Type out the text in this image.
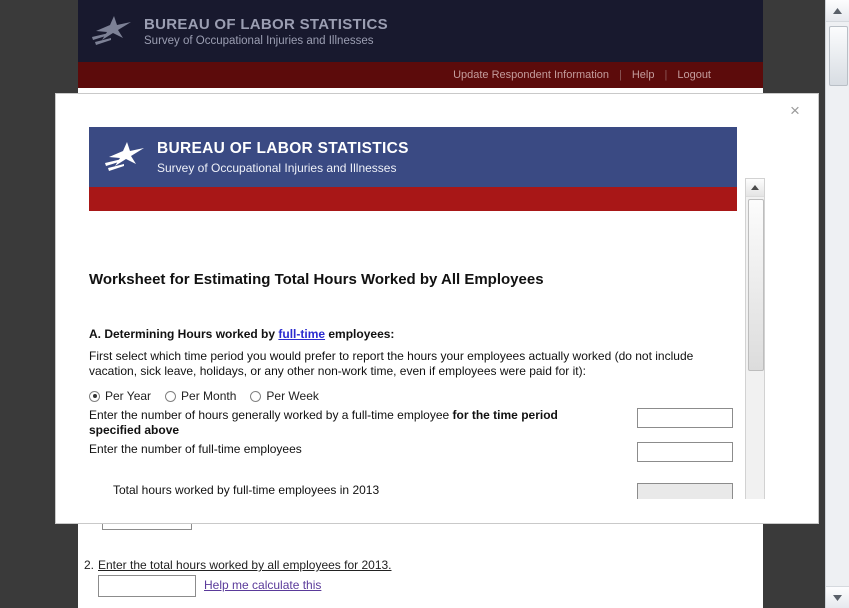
BUREAU OF LABOR STATISTICS
Survey of Occupational Injuries and Illnesses
Update Respondent Information | Help | Logout
2. Enter the total hours worked by all employees for 2013.
Help me calculate this
×
BUREAU OF LABOR STATISTICS
Survey of Occupational Injuries and Illnesses
Worksheet for Estimating Total Hours Worked by All Employees
A. Determining Hours worked by full-time employees:
First select which time period you would prefer to report the hours your employees actually worked (do not include vacation, sick leave, holidays, or any other non-work time, even if employees were paid for it):
Per Year	Per Month	Per Week
Enter the number of hours generally worked by a full-time employee for the time period specified above
Enter the number of full-time employees
Total hours worked by full-time employees in 2013
